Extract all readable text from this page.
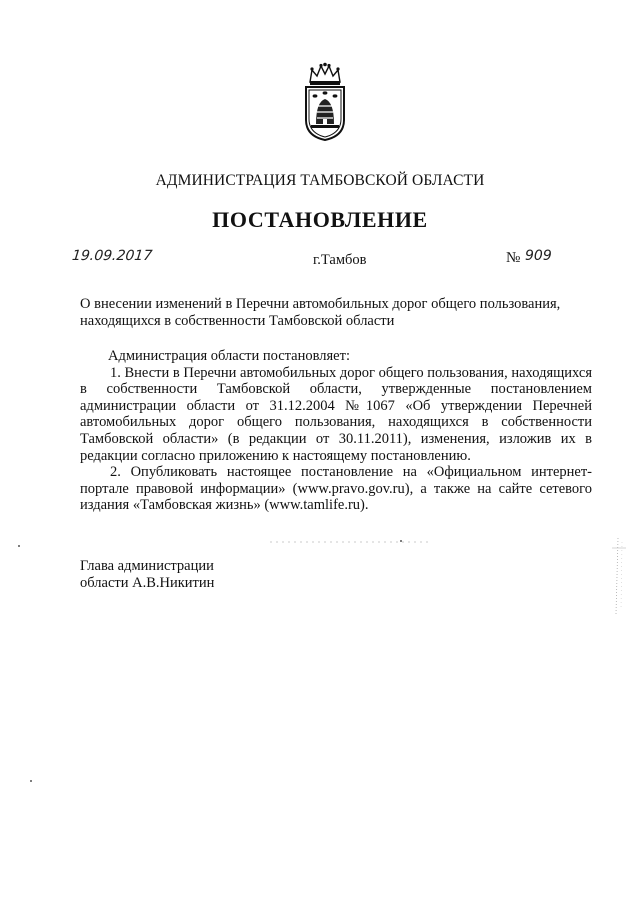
АДМИНИСТРАЦИЯ ТАМБОВСКОЙ ОБЛАСТИ
ПОСТАНОВЛЕНИЕ
19.09.2017	г.Тамбов	№ 909
О внесении изменений в Перечни автомобильных дорог общего пользования,
находящихся в собственности Тамбовской области

Администрация области постановляет:

1. Внести в Перечни автомобильных дорог общего пользования, находящихся в собственности Тамбовской области, утвержденные постановлением администрации области от 31.12.2004 №1067 «Об утверждении Перечней автомобильных дорог общего пользования, находящихся в собственности Тамбовской области» (в редакции от 30.11.2011), изменения, изложив их в редакции согласно приложению к настоящему постановлению.

2. Опубликовать настоящее постановление на «Официальном интернет-портале правовой информации» (www.pravo.gov.ru), а также на сайте сетевого издания «Тамбовская жизнь» (www.tamlife.ru).

Глава администрации
области А.В.Никитин
